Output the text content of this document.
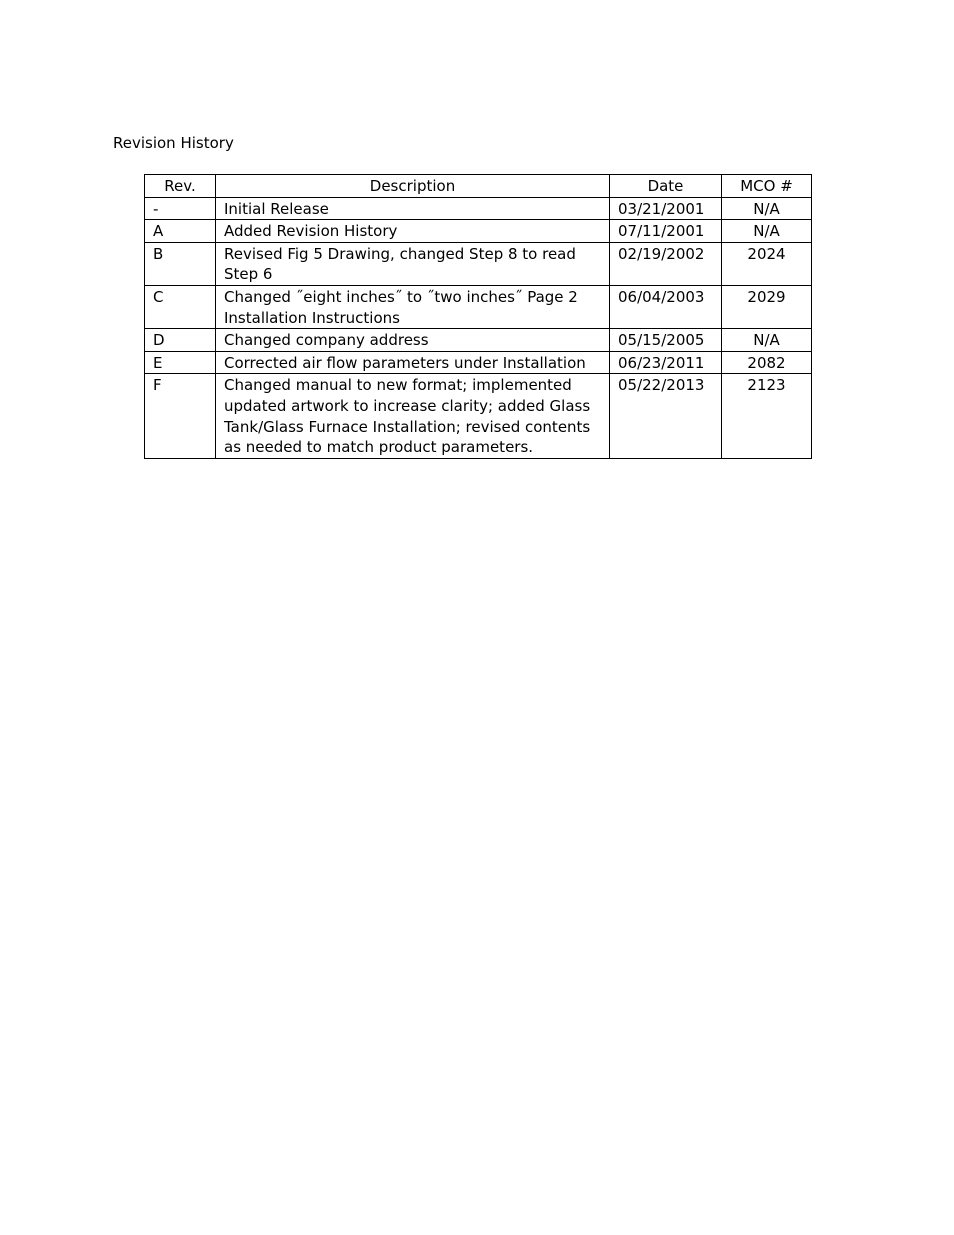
Revision History
Rev.	Description	Date	MCO #
-	Initial Release	03/21/2001	N/A
A	Added Revision History	07/11/2001	N/A
B	Revised Fig 5 Drawing, changed Step 8 to read Step 6	02/19/2002	2024
C	Changed ˝eight inches˝ to ˝two inches˝ Page 2 Installation Instructions	06/04/2003	2029
D	Changed company address	05/15/2005	N/A
E	Corrected air flow parameters under Installation	06/23/2011	2082
F	Changed manual to new format; implemented updated artwork to increase clarity; added Glass Tank/Glass Furnace Installation; revised contents as needed to match product parameters.	05/22/2013	2123
